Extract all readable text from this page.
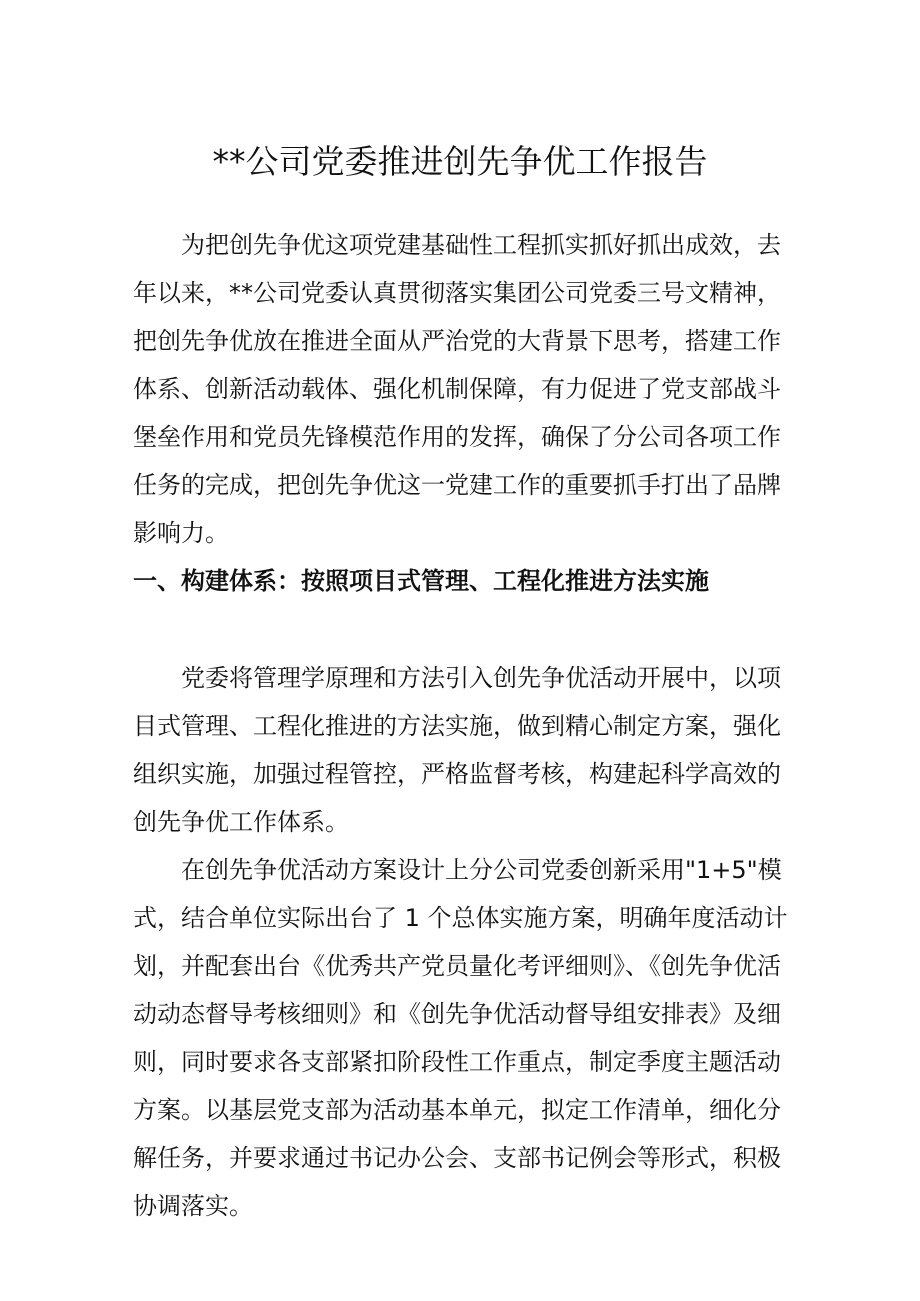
**公司党委推进创先争优工作报告

为把创先争优这项党建基础性工程抓实抓好抓出成效，去年以来，**公司党委认真贯彻落实集团公司党委三号文精神，把创先争优放在推进全面从严治党的大背景下思考，搭建工作体系、创新活动载体、强化机制保障，有力促进了党支部战斗堡垒作用和党员先锋模范作用的发挥，确保了分公司各项工作任务的完成，把创先争优这一党建工作的重要抓手打出了品牌影响力。

一、构建体系：按照项目式管理、工程化推进方法实施

党委将管理学原理和方法引入创先争优活动开展中，以项目式管理、工程化推进的方法实施，做到精心制定方案，强化组织实施，加强过程管控，严格监督考核，构建起科学高效的创先争优工作体系。

在创先争优活动方案设计上分公司党委创新采用"1+5"模式，结合单位实际出台了 1 个总体实施方案，明确年度活动计划，并配套出台《优秀共产党员量化考评细则》、《创先争优活动动态督导考核细则》和《创先争优活动督导组安排表》及细则，同时要求各支部紧扣阶段性工作重点，制定季度主题活动方案。以基层党支部为活动基本单元，拟定工作清单，细化分解任务，并要求通过书记办公会、支部书记例会等形式，积极协调落实。
